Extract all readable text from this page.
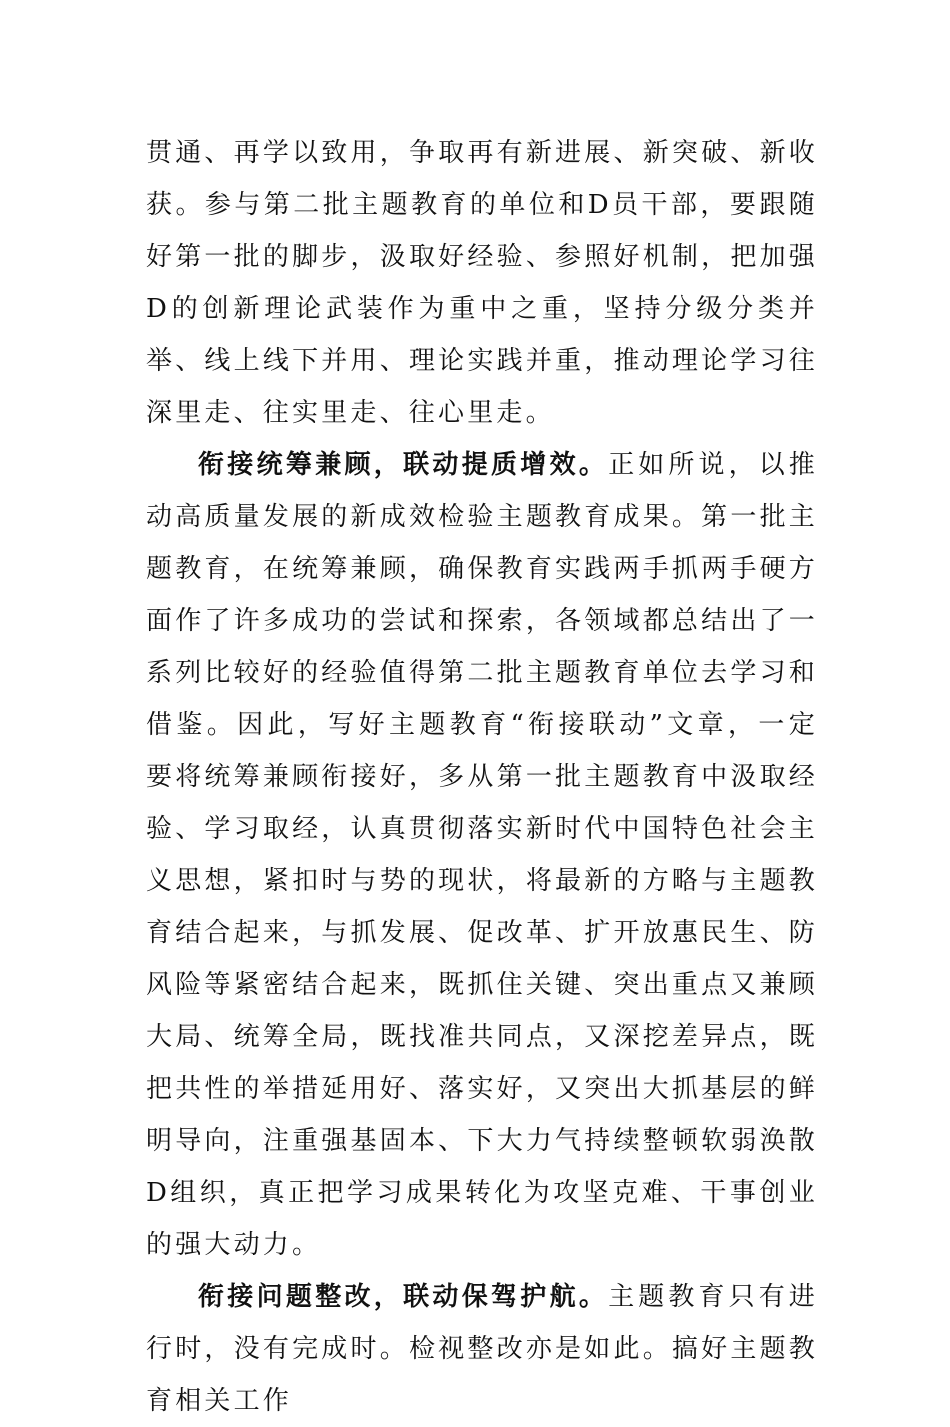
贯通、再学以致用，争取再有新进展、新突破、新收获。参与第二批主题教育的单位和D员干部，要跟随好第一批的脚步，汲取好经验、参照好机制，把加强D的创新理论武装作为重中之重，坚持分级分类并举、线上线下并用、理论实践并重，推动理论学习往深里走、往实里走、往心里走。

衔接统筹兼顾，联动提质增效。正如所说，以推动高质量发展的新成效检验主题教育成果。第一批主题教育，在统筹兼顾，确保教育实践两手抓两手硬方面作了许多成功的尝试和探索，各领域都总结出了一系列比较好的经验值得第二批主题教育单位去学习和借鉴。因此，写好主题教育“衔接联动”文章，一定要将统筹兼顾衔接好，多从第一批主题教育中汲取经验、学习取经，认真贯彻落实新时代中国特色社会主义思想，紧扣时与势的现状，将最新的方略与主题教育结合起来，与抓发展、促改革、扩开放惠民生、防风险等紧密结合起来，既抓住关键、突出重点又兼顾大局、统筹全局，既找准共同点，又深挖差异点，既把共性的举措延用好、落实好，又突出大抓基层的鲜明导向，注重强基固本、下大力气持续整顿软弱涣散D组织，真正把学习成果转化为攻坚克难、干事创业的强大动力。

衔接问题整改，联动保驾护航。主题教育只有进行时，没有完成时。检视整改亦是如此。搞好主题教育相关工作
